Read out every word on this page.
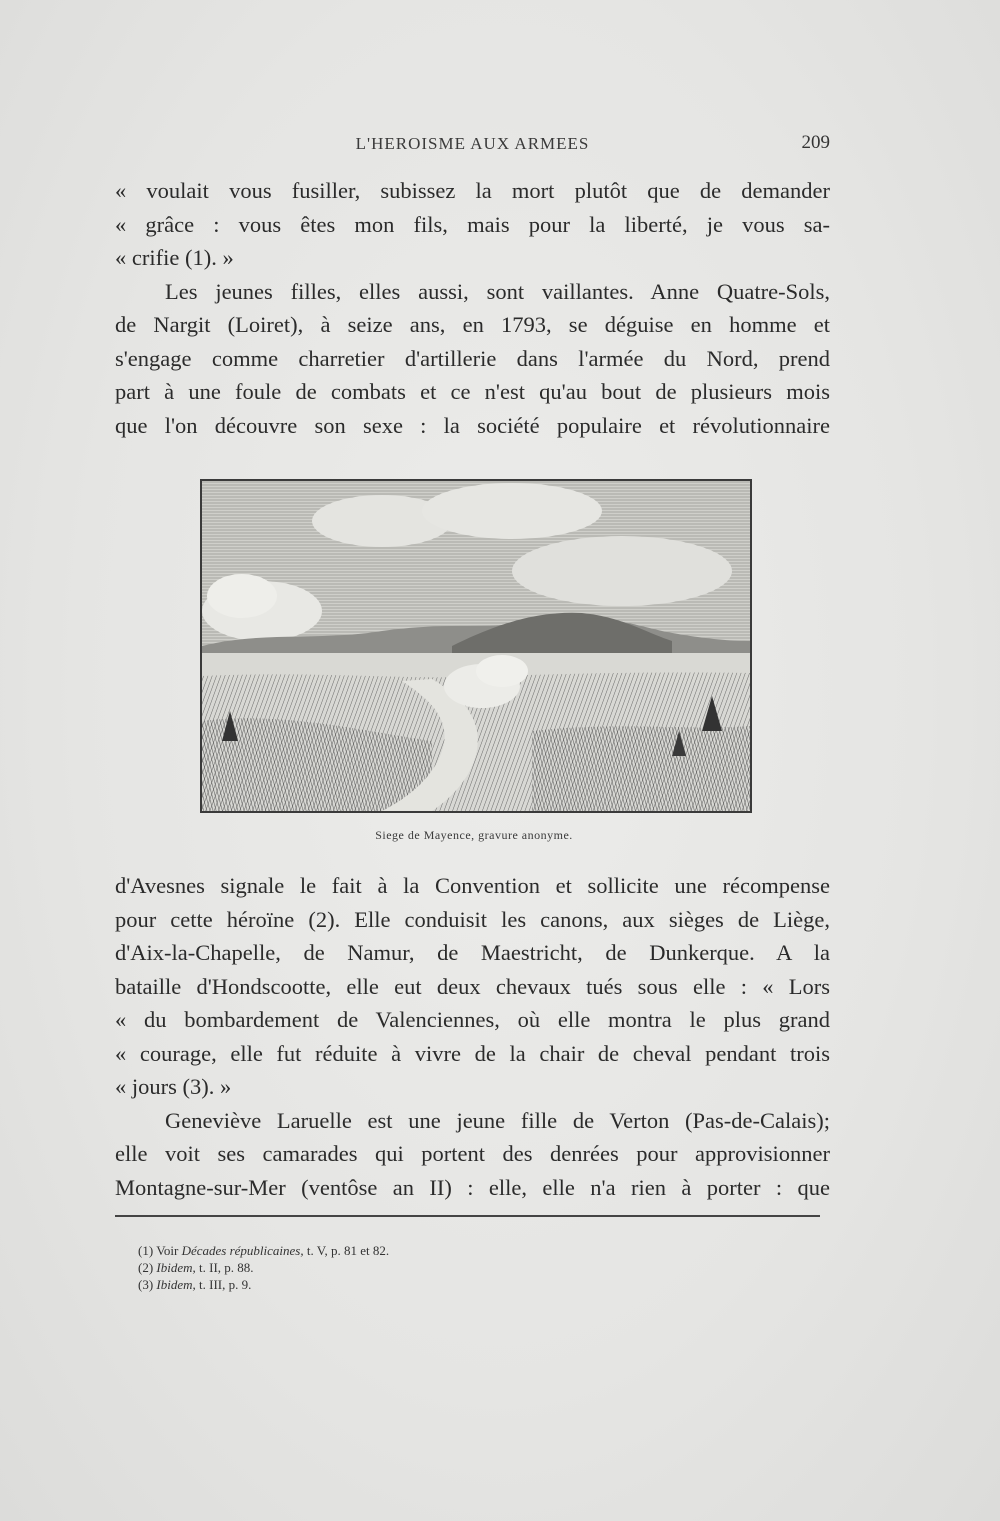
L'HEROISME AUX ARMEES	209
« voulait vous fusiller, subissez la mort plutôt que de demander
« grâce : vous êtes mon fils, mais pour la liberté, je vous sa-
« crifie (1). »
Les jeunes filles, elles aussi, sont vaillantes. Anne Quatre-Sols,
de Nargit (Loiret), à seize ans, en 1793, se déguise en homme et
s'engage comme charretier d'artillerie dans l'armée du Nord, prend
part à une foule de combats et ce n'est qu'au bout de plusieurs mois
que l'on découvre son sexe : la société populaire et révolutionnaire
Siege de Mayence, gravure anonyme.
d'Avesnes signale le fait à la Convention et sollicite une récompense
pour cette héroïne (2). Elle conduisit les canons, aux sièges de Liège,
d'Aix-la-Chapelle, de Namur, de Maestricht, de Dunkerque. A la
bataille d'Hondscootte, elle eut deux chevaux tués sous elle : « Lors
« du bombardement de Valenciennes, où elle montra le plus grand
« courage, elle fut réduite à vivre de la chair de cheval pendant trois
« jours (3). »
Geneviève Laruelle est une jeune fille de Verton (Pas-de-Calais);
elle voit ses camarades qui portent des denrées pour approvisionner
Montagne-sur-Mer (ventôse an II) : elle, elle n'a rien à porter : que
(1) Voir Décades républicaines, t. V, p. 81 et 82.
(2) Ibidem, t. II, p. 88.
(3) Ibidem, t. III, p. 9.
